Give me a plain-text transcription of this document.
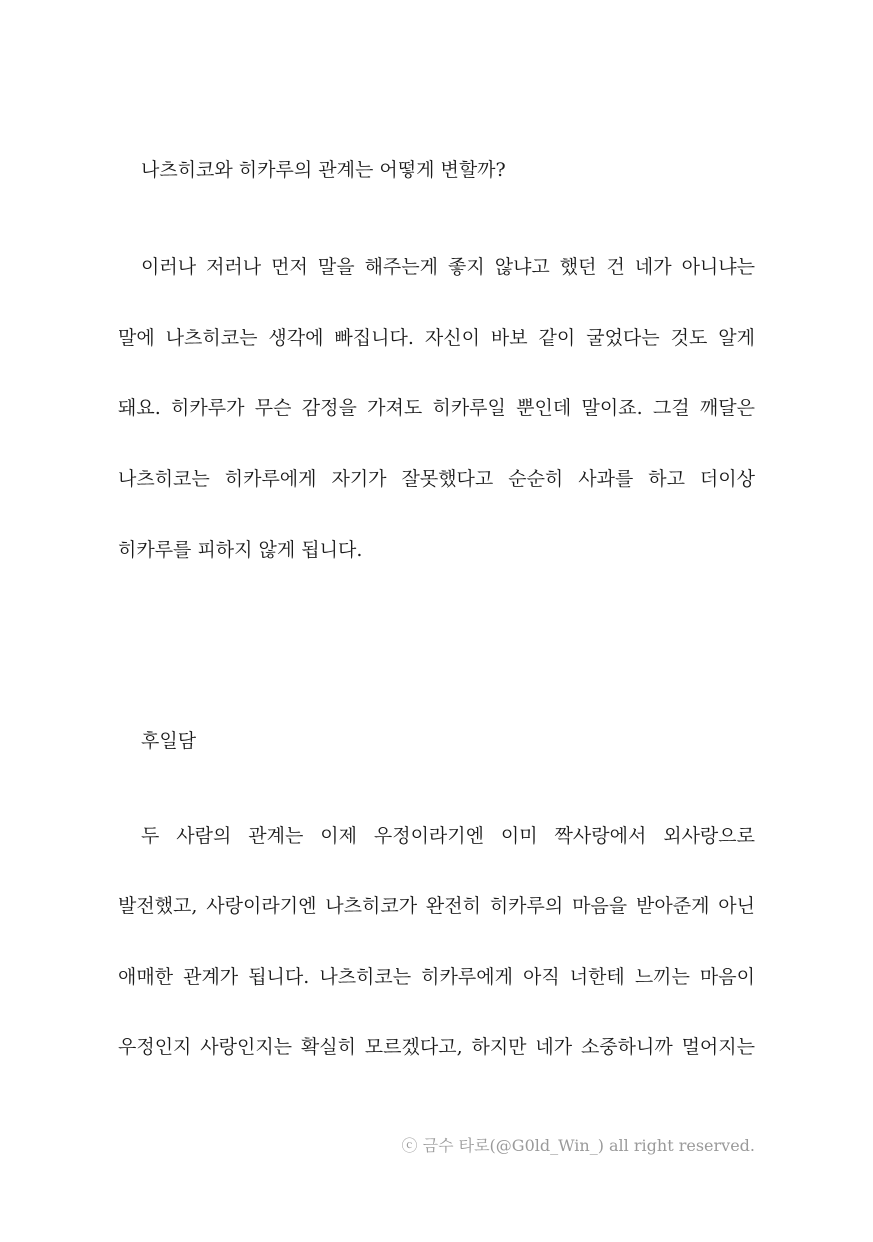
나츠히코와 히카루의 관계는 어떻게 변할까?
이러나 저러나 먼저 말을 해주는게 좋지 않냐고 했던 건 네가 아니냐는
말에 나츠히코는 생각에 빠집니다. 자신이 바보 같이 굴었다는 것도 알게
돼요. 히카루가 무슨 감정을 가져도 히카루일 뿐인데 말이죠. 그걸 깨달은
나츠히코는 히카루에게 자기가 잘못했다고 순순히 사과를 하고 더이상
히카루를 피하지 않게 됩니다.
후일담
두 사람의 관계는 이제 우정이라기엔 이미 짝사랑에서 외사랑으로
발전했고, 사랑이라기엔 나츠히코가 완전히 히카루의 마음을 받아준게 아닌
애매한 관계가 됩니다. 나츠히코는 히카루에게 아직 너한테 느끼는 마음이
우정인지 사랑인지는 확실히 모르겠다고, 하지만 네가 소중하니까 멀어지는
ⓒ 금수 타로(@G0ld_Win_) all right reserved.
